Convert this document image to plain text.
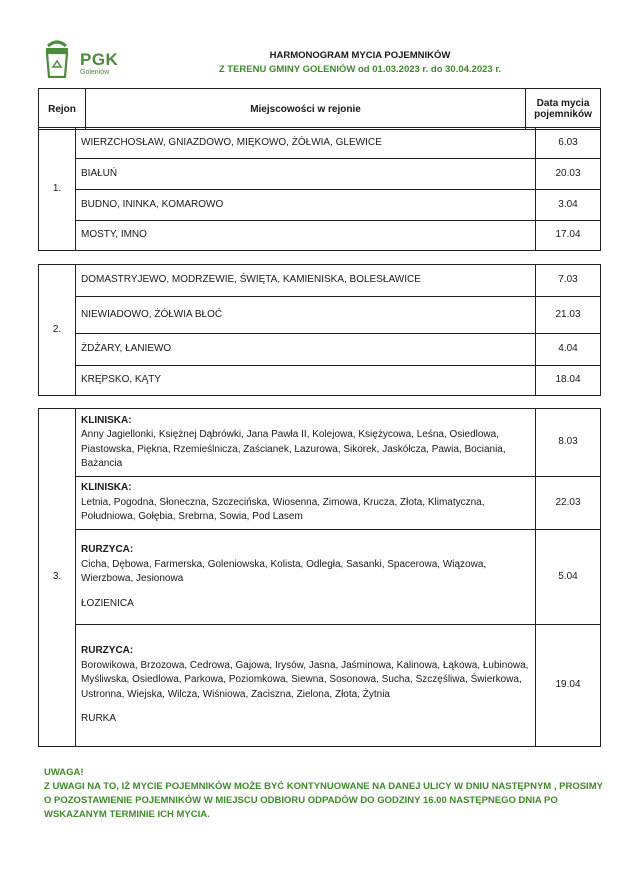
PGK
Goleniów
HARMONOGRAM MYCIA POJEMNIKÓW
Z TERENU GMINY GOLENIÓW od 01.03.2023 r. do 30.04.2023 r.
Rejon	Miejscowości w rejonie	Data mycia
pojemników
1.	WIERZCHOSŁAW, GNIAZDOWO, MIĘKOWO, ŻÓŁWIA, GLEWICE	6.03
	BIAŁUŃ	20.03
	BUDNO, ININKA, KOMAROWO	3.04
	MOSTY, IMNO	17.04
2.	DOMASTRYJEWO, MODRZEWIE, ŚWIĘTA, KAMIENISKA, BOLESŁAWICE	7.03
	NIEWIADOWO, ŻÓŁWIA BŁOĆ	21.03
	ŻDŻARY, ŁANIEWO	4.04
	KRĘPSKO, KĄTY	18.04
3.	KLINISKA:
Anny Jagiellonki, Księżnej Dąbrówki, Jana Pawła II, Kolejowa, Księżycowa, Leśna, Osiedlowa, Piastowska, Piękna, Rzemieślnicza, Zaścianek, Lazurowa, Sikorek, Jaskółcza, Pawia, Bociania, Bażancia	8.03
	KLINISKA:
Letnia, Pogodna, Słoneczna, Szczecińska, Wiosenna, Zimowa, Krucza, Złota, Klimatyczna, Południowa, Gołębia, Srebrna, Sowia, Pod Lasem	22.03
	RURZYCA:
Cicha, Dębowa, Farmerska, Goleniowska, Kolista, Odległa, Sasanki, Spacerowa, Wiązowa, Wierzbowa, Jesionowa
ŁOZIENICA	5.04
	RURZYCA:
Borowikowa, Brzozowa, Cedrowa, Gajowa, Irysów, Jasna, Jaśminowa, Kalinowa, Łąkowa, Łubinowa, Myśliwska, Osiedlowa, Parkowa, Poziomkowa, Siewna, Sosonowa, Sucha, Szczęśliwa, Świerkowa, Ustronna, Wiejska, Wilcza, Wiśniowa, Zaciszna, Zielona, Złota, Żytnia
RURKA	19.04
UWAGA!
Z UWAGI NA TO, IŻ MYCIE POJEMNIKÓW MOŻE BYĆ KONTYNUOWANE NA DANEJ ULICY W DNIU NASTĘPNYM , PROSIMY O POZOSTAWIENIE POJEMNIKÓW W MIEJSCU ODBIORU ODPADÓW DO GODZINY 16.00 NASTĘPNEGO DNIA PO WSKAZANYM TERMINIE ICH MYCIA.
